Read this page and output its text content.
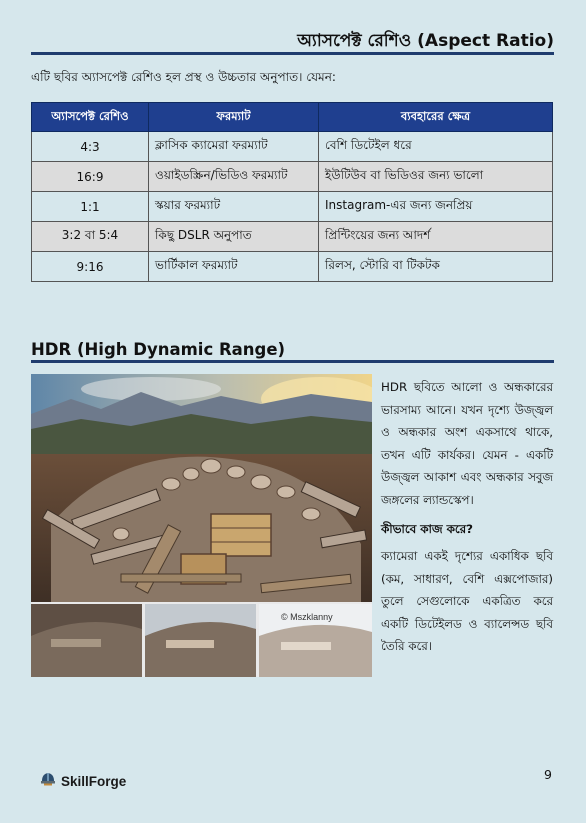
অ্যাসপেক্ট রেশিও (Aspect Ratio)
এটি ছবির অ্যাসপেক্ট রেশিও হল প্রস্থ ও উচ্চতার অনুপাত। যেমন:
অ্যাসপেক্ট রেশিও	ফরম্যাট	ব্যবহারের ক্ষেত্র
4:3	ক্লাসিক ক্যামেরা ফরম্যাট	বেশি ডিটেইল ধরে
16:9	ওয়াইডস্ক্রিন/ভিডিও ফরম্যাট	ইউটিউব বা ভিডিওর জন্য ভালো
1:1	স্কয়ার ফরম্যাট	Instagram-এর জন্য জনপ্রিয়
3:2 বা 5:4	কিছু DSLR অনুপাত	প্রিন্টিংয়ের জন্য আদর্শ
9:16	ভার্টিকাল ফরম্যাট	রিলস, স্টোরি বা টিকটক
HDR (High Dynamic Range)
© Mszklanny

HDR ছবিতে আলো ও অন্ধকারের ভারসাম্য আনে। যখন দৃশ্যে উজ্জ্বল ও অন্ধকার অংশ একসাথে থাকে, তখন এটি কার্যকর। যেমন - একটি উজ্জ্বল আকাশ এবং অন্ধকার সবুজ জঙ্গলের ল্যান্ডস্কেপ।

কীভাবে কাজ করে?

ক্যামেরা একই দৃশ্যের একাধিক ছবি (কম, সাধারণ, বেশি এক্সপোজার) তুলে সেগুলোকে একত্রিত করে একটি ডিটেইলড ও ব্যালেন্সড ছবি তৈরি করে।

SkillForge	9
